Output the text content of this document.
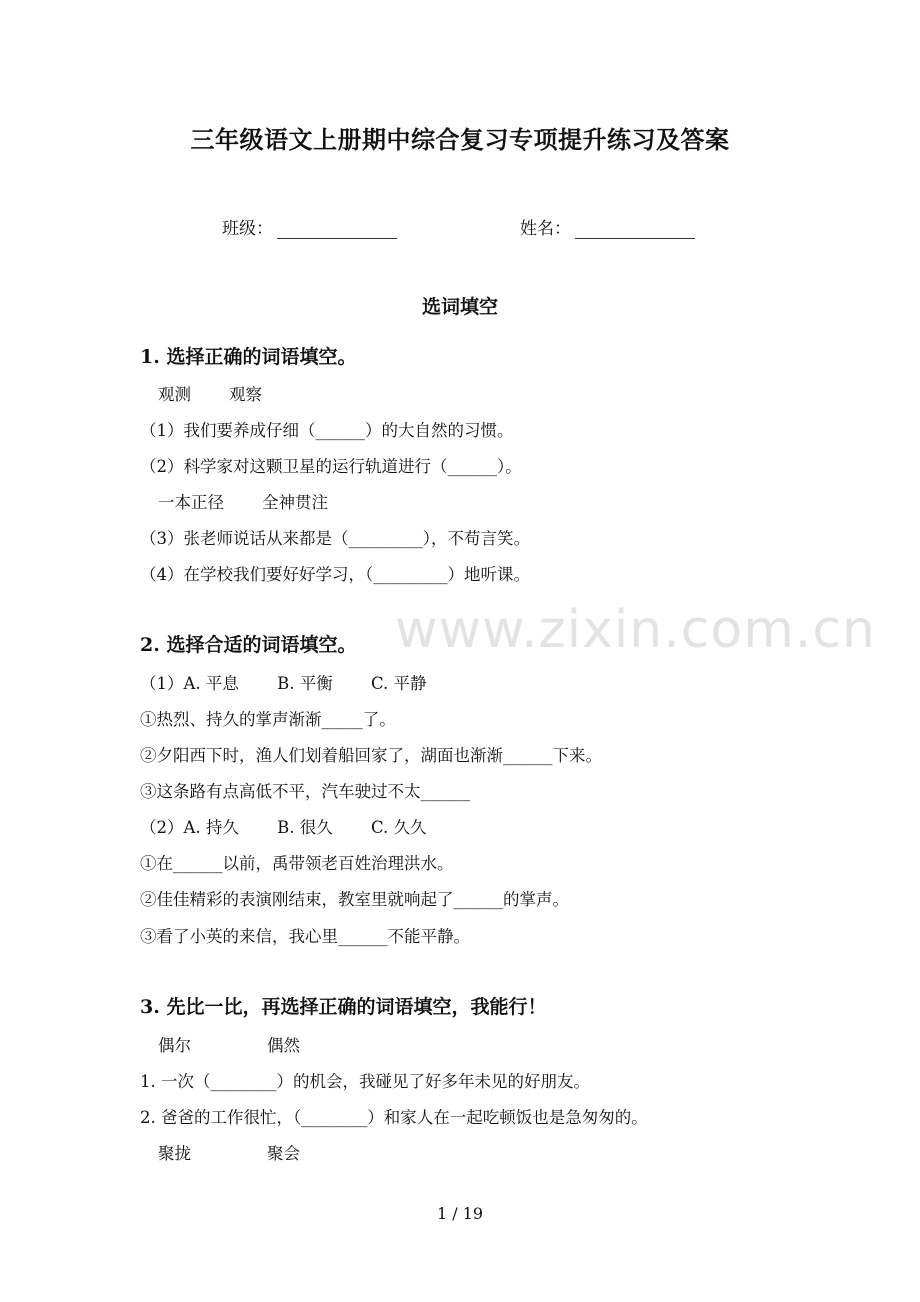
www.zixin.com.cn
三年级语文上册期中综合复习专项提升练习及答案
班级：	姓名：
选词填空
1. 选择正确的词语填空。
观测 观察
（1）我们要养成仔细（______）的大自然的习惯。
（2）科学家对这颗卫星的运行轨道进行（______）。
一本正径 全神贯注
（3）张老师说话从来都是（_________），不苟言笑。
（4）在学校我们要好好学习，（_________）地听课。
2. 选择合适的词语填空。
（1）A. 平息　　 B. 平衡　　 C. 平静
①热烈、持久的掌声渐渐_____了。
②夕阳西下时，渔人们划着船回家了，湖面也渐渐______下来。
③这条路有点高低不平，汽车驶过不太______
（2）A. 持久　　 B. 很久　　 C. 久久
①在______以前，禹带领老百姓治理洪水。
②佳佳精彩的表演刚结束，教室里就响起了______的掌声。
③看了小英的来信，我心里______不能平静。
3. 先比一比，再选择正确的词语填空，我能行！
偶尔	偶然
1. 一次（________）的机会，我碰见了好多年未见的好朋友。
2. 爸爸的工作很忙，（________）和家人在一起吃顿饭也是急匆匆的。
聚拢	聚会
1 / 19
